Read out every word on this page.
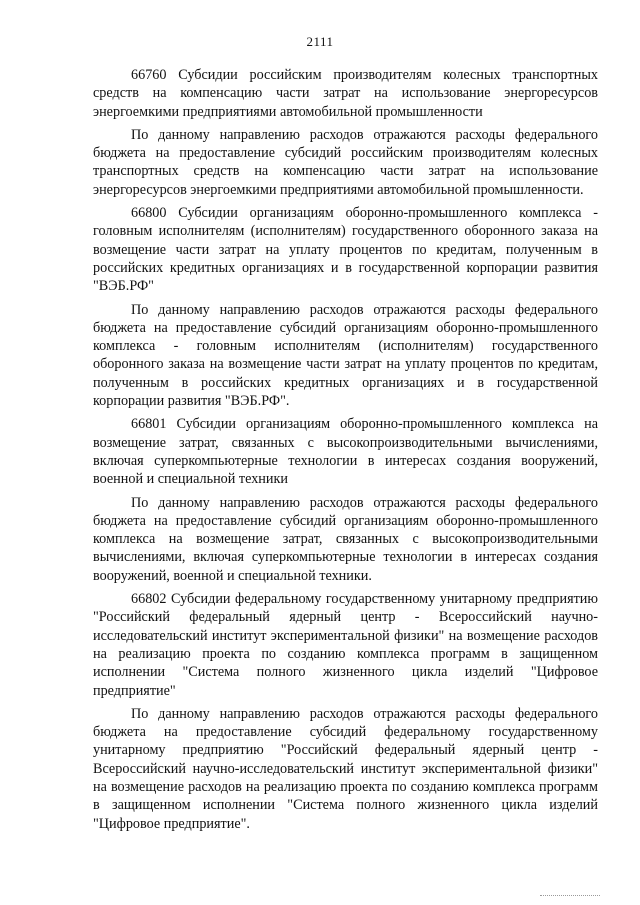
2111

66760 Субсидии российским производителям колесных транспортных средств на компенсацию части затрат на использование энергоресурсов энергоемкими предприятиями автомобильной промышленности

По данному направлению расходов отражаются расходы федерального бюджета на предоставление субсидий российским производителям колесных транспортных средств на компенсацию части затрат на использование энергоресурсов энергоемкими предприятиями автомобильной промышленности.

66800 Субсидии организациям оборонно-промышленного комплекса - головным исполнителям (исполнителям) государственного оборонного заказа на возмещение части затрат на уплату процентов по кредитам, полученным в российских кредитных организациях и в государственной корпорации развития "ВЭБ.РФ"

По данному направлению расходов отражаются расходы федерального бюджета на предоставление субсидий организациям оборонно-промышленного комплекса - головным исполнителям (исполнителям) государственного оборонного заказа на возмещение части затрат на уплату процентов по кредитам, полученным в российских кредитных организациях и в государственной корпорации развития "ВЭБ.РФ".

66801 Субсидии организациям оборонно-промышленного комплекса на возмещение затрат, связанных с высокопроизводительными вычислениями, включая суперкомпьютерные технологии в интересах создания вооружений, военной и специальной техники

По данному направлению расходов отражаются расходы федерального бюджета на предоставление субсидий организациям оборонно-промышленного комплекса на возмещение затрат, связанных с высокопроизводительными вычислениями, включая суперкомпьютерные технологии в интересах создания вооружений, военной и специальной техники.

66802 Субсидии федеральному государственному унитарному предприятию "Российский федеральный ядерный центр - Всероссийский научно-исследовательский институт экспериментальной физики" на возмещение расходов на реализацию проекта по созданию комплекса программ в защищенном исполнении "Система полного жизненного цикла изделий "Цифровое предприятие"

По данному направлению расходов отражаются расходы федерального бюджета на предоставление субсидий федеральному государственному унитарному предприятию "Российский федеральный ядерный центр - Всероссийский научно-исследовательский институт экспериментальной физики" на возмещение расходов на реализацию проекта по созданию комплекса программ в защищенном исполнении "Система полного жизненного цикла изделий "Цифровое предприятие".
